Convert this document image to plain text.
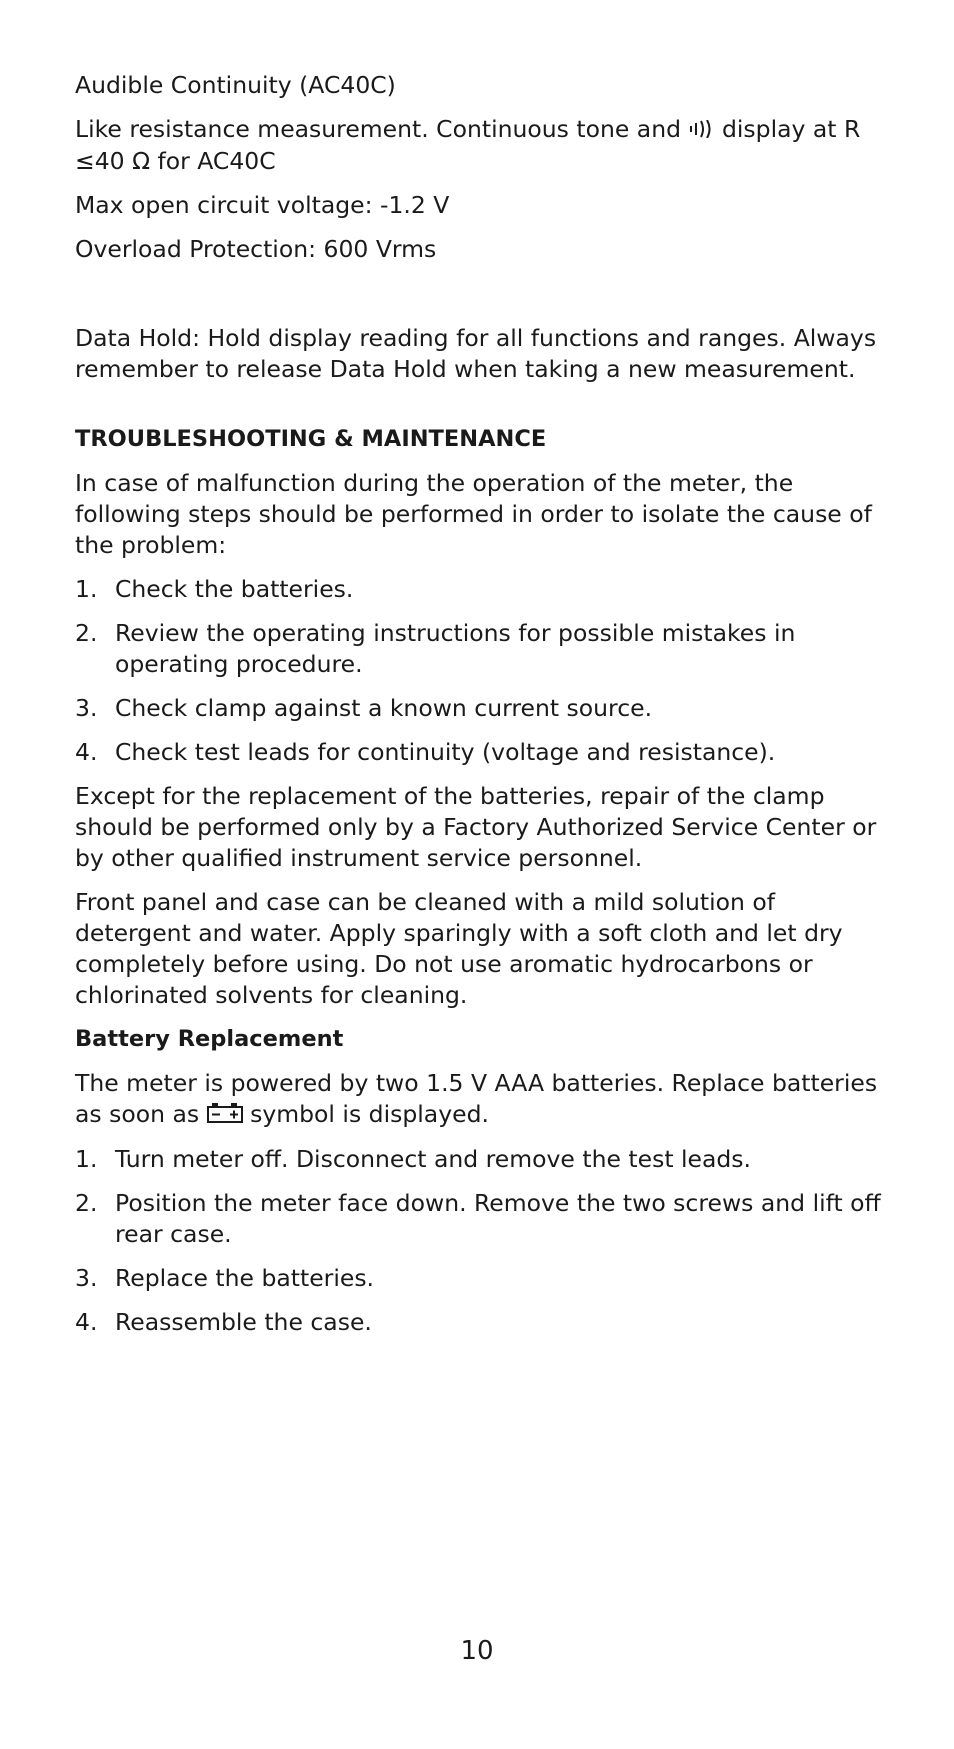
Audible Continuity (AC40C)

Like resistance measurement. Continuous tone and display at R ≤40 Ω for AC40C

Max open circuit voltage: -1.2 V

Overload Protection: 600 Vrms

Data Hold: Hold display reading for all functions and ranges. Always remember to release Data Hold when taking a new measurement.

TROUBLESHOOTING & MAINTENANCE

In case of malfunction during the operation of the meter, the following steps should be performed in order to isolate the cause of the problem:

1. Check the batteries.
2. Review the operating instructions for possible mistakes in operating procedure.
3. Check clamp against a known current source.
4. Check test leads for continuity (voltage and resistance).

Except for the replacement of the batteries, repair of the clamp should be performed only by a Factory Authorized Service Center or by other qualified instrument service personnel.

Front panel and case can be cleaned with a mild solution of detergent and water. Apply sparingly with a soft cloth and let dry completely before using. Do not use aromatic hydrocarbons or chlorinated solvents for cleaning.

Battery Replacement

The meter is powered by two 1.5 V AAA batteries. Replace batteries as soon as symbol is displayed.

1. Turn meter off. Disconnect and remove the test leads.
2. Position the meter face down. Remove the two screws and lift off rear case.
3. Replace the batteries.
4. Reassemble the case.
10
